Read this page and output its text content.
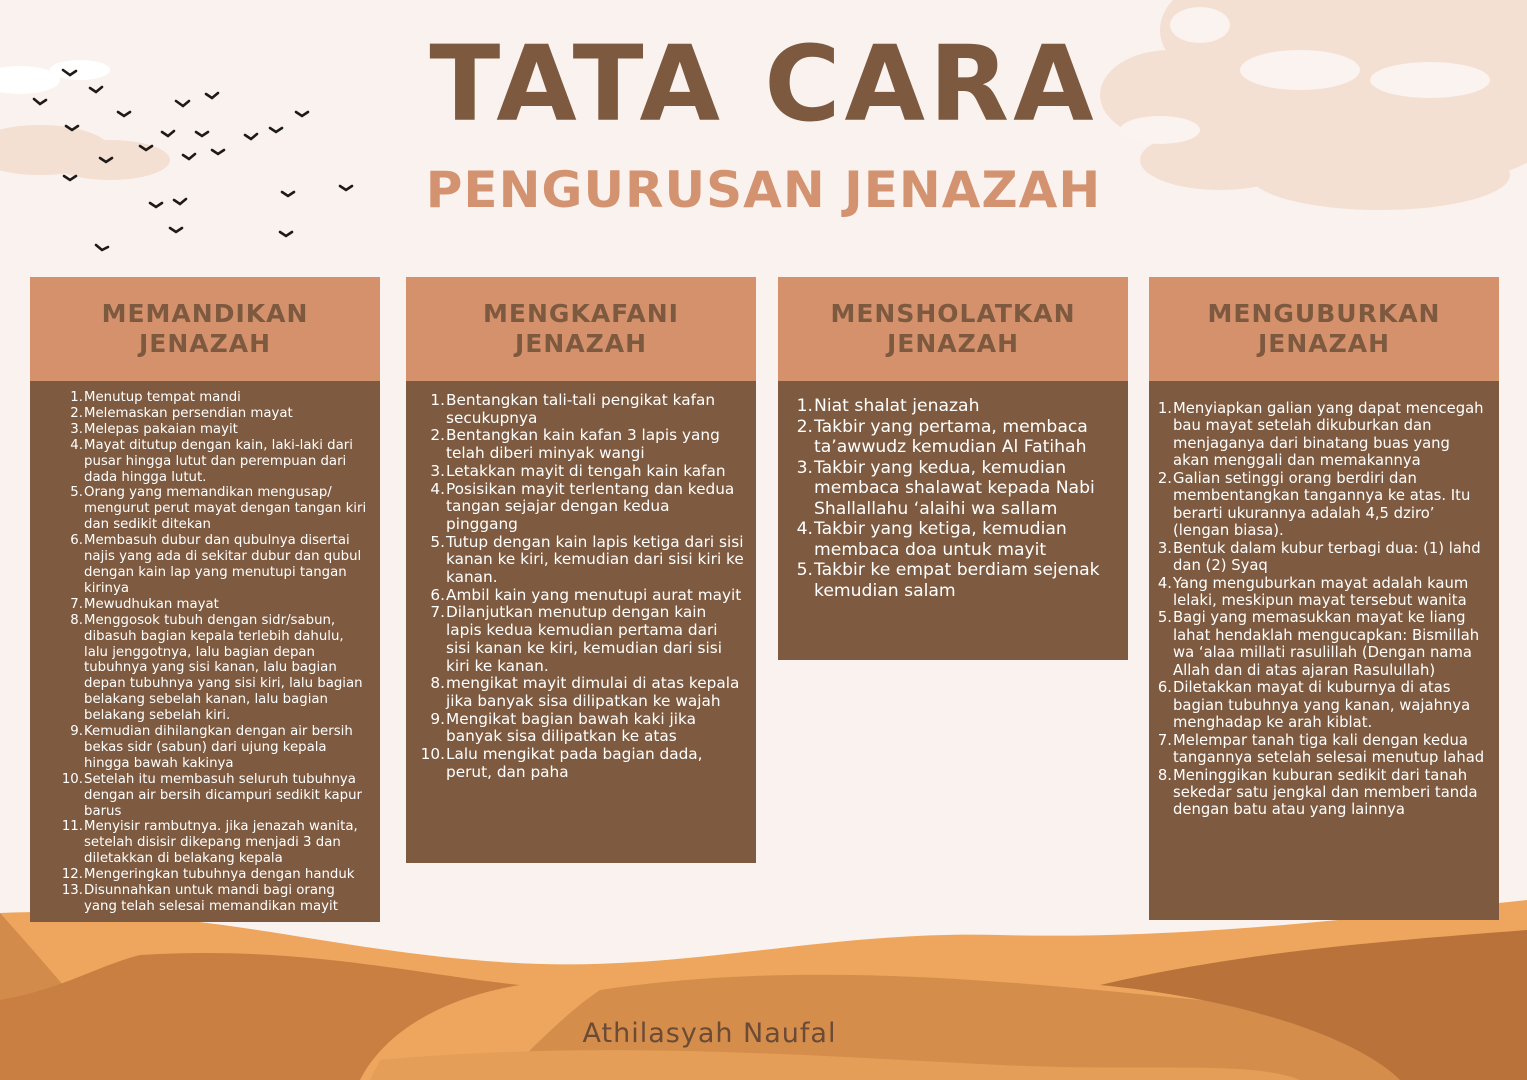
TATA CARA
PENGURUSAN JENAZAH
MEMANDIKAN
JENAZAH
Menutup tempat mandi
Melemaskan persendian mayat
Melepas pakaian mayit
Mayat ditutup dengan kain, laki-laki dari pusar hingga lutut dan perempuan dari dada hingga lutut.
Orang yang memandikan mengusap/ mengurut perut mayat dengan tangan kiri dan sedikit ditekan
Membasuh dubur dan qubulnya disertai najis yang ada di sekitar dubur dan qubul dengan kain lap yang menutupi tangan kirinya
Mewudhukan mayat
Menggosok tubuh dengan sidr/sabun, dibasuh bagian kepala terlebih dahulu, lalu jenggotnya, lalu bagian depan tubuhnya yang sisi kanan, lalu bagian depan tubuhnya yang sisi kiri, lalu bagian belakang sebelah kanan, lalu bagian belakang sebelah kiri.
Kemudian dihilangkan dengan air bersih bekas sidr (sabun) dari ujung kepala hingga bawah kakinya
Setelah itu membasuh seluruh tubuhnya dengan air bersih dicampuri sedikit kapur barus
Menyisir rambutnya. jika jenazah wanita, setelah disisir dikepang menjadi 3 dan diletakkan di belakang kepala
Mengeringkan tubuhnya dengan handuk
Disunnahkan untuk mandi bagi orang yang telah selesai memandikan mayit
MENGKAFANI
JENAZAH
Bentangkan tali-tali pengikat kafan secukupnya
Bentangkan kain kafan 3 lapis yang telah diberi minyak wangi
Letakkan mayit di tengah kain kafan
Posisikan mayit terlentang dan kedua tangan sejajar dengan kedua pinggang
Tutup dengan kain lapis ketiga dari sisi kanan ke kiri, kemudian dari sisi kiri ke kanan.
Ambil kain yang menutupi aurat mayit
Dilanjutkan menutup dengan kain lapis kedua kemudian pertama dari sisi kanan ke kiri, kemudian dari sisi kiri ke kanan.
mengikat mayit dimulai di atas kepala jika banyak sisa dilipatkan ke wajah
Mengikat bagian bawah kaki jika banyak sisa dilipatkan ke atas
Lalu mengikat pada bagian dada, perut, dan paha
MENSHOLATKAN
JENAZAH
Niat shalat jenazah
Takbir yang pertama, membaca ta’awwudz kemudian Al Fatihah
Takbir yang kedua, kemudian membaca shalawat kepada Nabi Shallallahu ‘alaihi wa sallam
Takbir yang ketiga, kemudian membaca doa untuk mayit
Takbir ke empat berdiam sejenak kemudian salam
MENGUBURKAN
JENAZAH
Menyiapkan galian yang dapat mencegah bau mayat setelah dikuburkan dan menjaganya dari binatang buas yang akan menggali dan memakannya
Galian setinggi orang berdiri dan membentangkan tangannya ke atas. Itu berarti ukurannya adalah 4,5 dziro’ (lengan biasa).
Bentuk dalam kubur terbagi dua: (1) lahd dan (2) Syaq
Yang menguburkan mayat adalah kaum lelaki, meskipun mayat tersebut wanita
Bagi yang memasukkan mayat ke liang lahat hendaklah mengucapkan: Bismillah wa ‘alaa millati rasulillah (Dengan nama Allah dan di atas ajaran Rasulullah)
Diletakkan mayat di kuburnya di atas bagian tubuhnya yang kanan, wajahnya menghadap ke arah kiblat.
Melempar tanah tiga kali dengan kedua tangannya setelah selesai menutup lahad
Meninggikan kuburan sedikit dari tanah sekedar satu jengkal dan memberi tanda dengan batu atau yang lainnya
Athilasyah Naufal
